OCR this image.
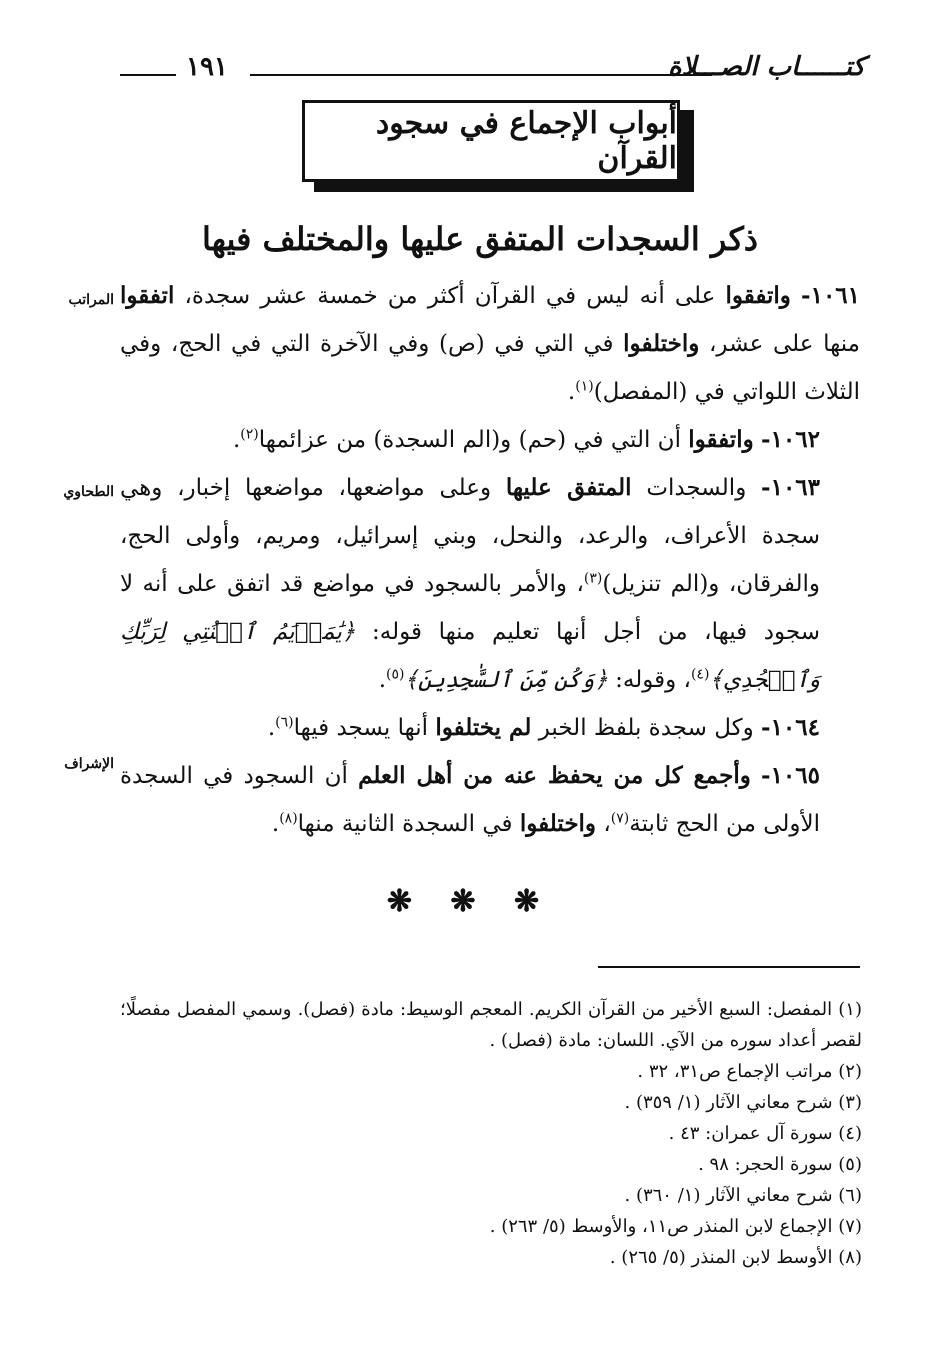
كتــــــاب الصـــلاة
١٩١
أبواب الإجماع في سجود القرآن
ذكر السجدات المتفق عليها والمختلف فيها
المراتب
الطحاوي
الإشراف

١٠٦١- واتفقوا على أنه ليس في القرآن أكثر من خمسة عشر سجدة، اتفقوا منها على عشر، واختلفوا في التي في (ص) وفي الآخرة التي في الحج، وفي الثلاث اللواتي في (المفصل)$^{(١)}$.

١٠٦٢- واتفقوا أن التي في (حم) و(الم السجدة) من عزائمها$^{(٢)}$.

١٠٦٣- والسجدات المتفق عليها وعلى مواضعها، مواضعها إخبار، وهي سجدة الأعراف، والرعد، والنحل، وبني إسرائيل، ومريم، وأولى الحج، والفرقان، و(الم تنزيل)$^{(٣)}$، والأمر بالسجود في مواضع قد اتفق على أنه لا سجود فيها، من أجل أنها تعليم منها قوله: ﴿يَٰمَرۡيَمُ ٱقۡنُتِي لِرَبِّكِ وَٱسۡجُدِي﴾$^{(٤)}$، وقوله: ﴿وَكُن مِّنَ ٱلسَّٰجِدِينَ﴾$^{(٥)}$.

١٠٦٤- وكل سجدة بلفظ الخبر لم يختلفوا أنها يسجد فيها$^{(٦)}$.

١٠٦٥- وأجمع كل من يحفظ عنه من أهل العلم أن السجود في السجدة الأولى من الحج ثابتة$^{(٧)}$، واختلفوا في السجدة الثانية منها$^{(٨)}$.

❋ ❋ ❋

(١) المفصل: السبع الأخير من القرآن الكريم. المعجم الوسيط: مادة (فصل). وسمي المفصل مفصلًا؛ لقصر أعداد سوره من الآي. اللسان: مادة (فصل) .

(٢) مراتب الإجماع ص٣١، ٣٢ .

(٣) شرح معاني الآثار (١/ ٣٥٩) .

(٤) سورة آل عمران: ٤٣ .

(٥) سورة الحجر: ٩٨ .

(٦) شرح معاني الآثار (١/ ٣٦٠) .

(٧) الإجماع لابن المنذر ص١١، والأوسط (٥/ ٢٦٣) .

(٨) الأوسط لابن المنذر (٥/ ٢٦٥) .
